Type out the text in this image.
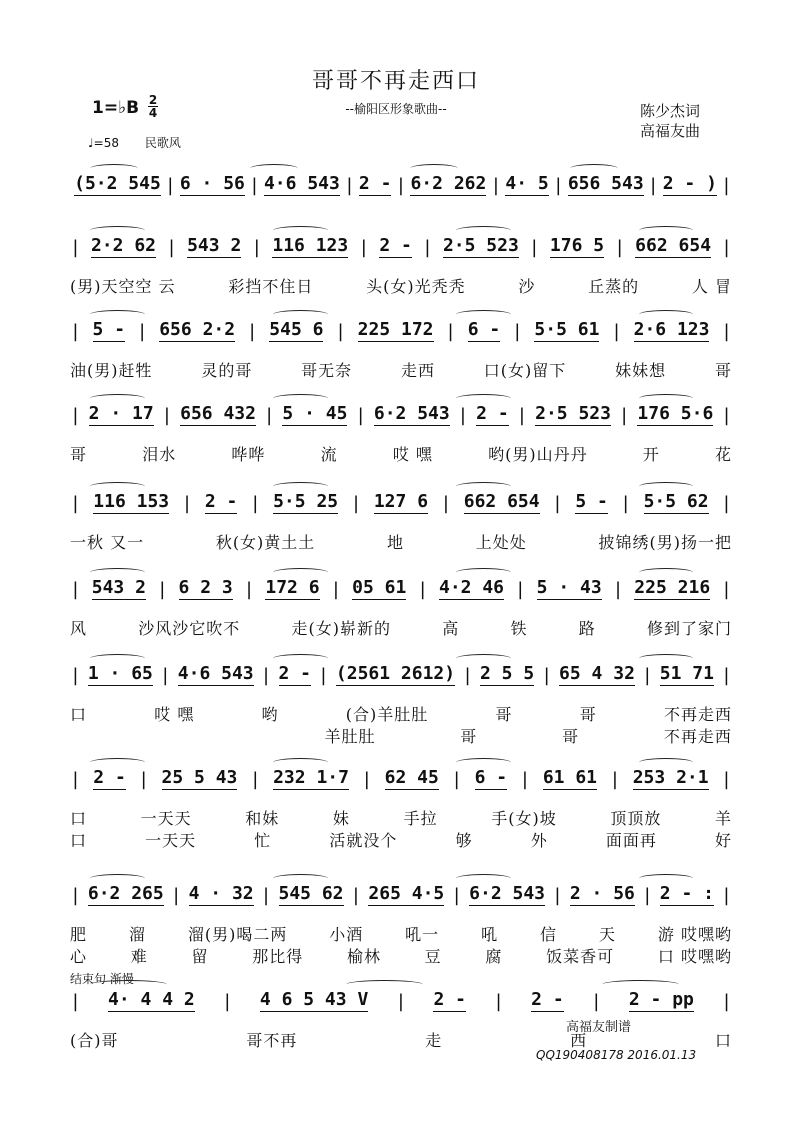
哥哥不再走西口
--榆阳区形象歌曲--
1=♭B 2
4
♩=58 民歌风
陈少杰词
高福友曲
(5·2 545 | 6 · 56 | 4·6 543 | 2 - | 6·2 262 | 4· 5 | 656 543 | 2 - ) |
| 2·2 62 | 543 2 | 116 123 | 2 - | 2·5 523 | 176 5 | 662 654 |
(男)天空空 云	彩挡不住日	头(女)光秃秃	沙	丘蒸的	人 冒
| 5 - | 656 2·2 | 545 6 | 225 172 | 6 - | 5·5 61 | 2·6 123 |
油(男)赶牲	灵的哥	哥无奈	走西	口(女)留下	妹妹想	哥
| 2 · 17 | 656 432 | 5 · 45 | 6·2 543 | 2 - | 2·5 523 | 176 5·6 |
哥	泪水	哗哗	流	哎 嘿	哟(男)山丹丹	开	花
| 116 153 | 2 - | 5·5 25 | 127 6 | 662 654 | 5 - | 5·5 62 |
一秋 又一	秋(女)黄土土	地	上处处	披锦绣(男)扬一把
| 543 2 | 6 2 3 | 172 6 | 05 61 | 4·2 46 | 5 · 43 | 225 216 |
风	沙风沙它吹不	走(女)崭新的	高	铁	路	修到了家门
| 1 · 65 | 4·6 543 | 2 - | (2561 2612) | 2 5 5 | 65 4 32 | 51 71 |
口	哎 嘿	哟	(合)羊肚肚	哥	哥	不再走西
羊肚肚	哥	哥	不再走西
| 2 - | 25 5 43 | 232 1·7 | 62 45 | 6 - | 61 61 | 253 2·1 |
口	一天天	和妹	妹	手拉	手(女)坡	顶顶放	羊
口	一天天	忙	活就没个	够	外	面面再	好
| 6·2 265 | 4 · 32 | 545 62 | 265 4·5 | 6·2 543 | 2 · 56 | 2 - : |
肥	溜	溜(男)喝二两	小酒	吼一	吼	信	天	游 哎嘿哟
心	难	留	那比得	榆林	豆	腐	饭菜香可	口 哎嘿哟
结束句 渐慢
| 4· 4 4 2 | 4 6 5 43 V | 2 - | 2 - | 2 - pp |
(合)哥	哥不再	走	西	口
高福友制谱
QQ190408178 2016.01.13
